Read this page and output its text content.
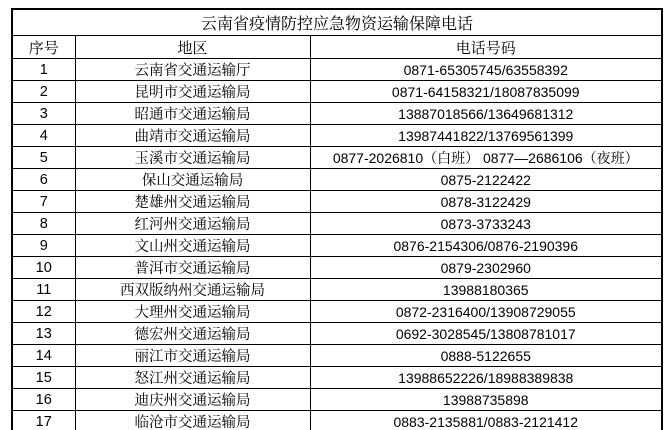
云南省疫情防控应急物资运输保障电话		
序号	地区	电话号码
1	云南省交通运输厅	0871-65305745/63558392
2	昆明市交通运输局	0871-64158321/18087835099
3	昭通市交通运输局	13887018566/13649681312
4	曲靖市交通运输局	13987441822/13769561399
5	玉溪市交通运输局	0877-2026810（白班） 0877—2686106（夜班）
6	保山交通运输局	0875-2122422
7	楚雄州交通运输局	0878-3122429
8	红河州交通运输局	0873-3733243
9	文山州交通运输局	0876-2154306/0876-2190396
10	普洱市交通运输局	0879-2302960
11	西双版纳州交通运输局	13988180365
12	大理州交通运输局	0872-2316400/13908729055
13	德宏州交通运输局	0692-3028545/13808781017
14	丽江市交通运输局	0888-5122655
15	怒江州交通运输局	13988652226/18988389838
16	迪庆州交通运输局	13988735898
17	临沧市交通运输局	0883-2135881/0883-2121412
